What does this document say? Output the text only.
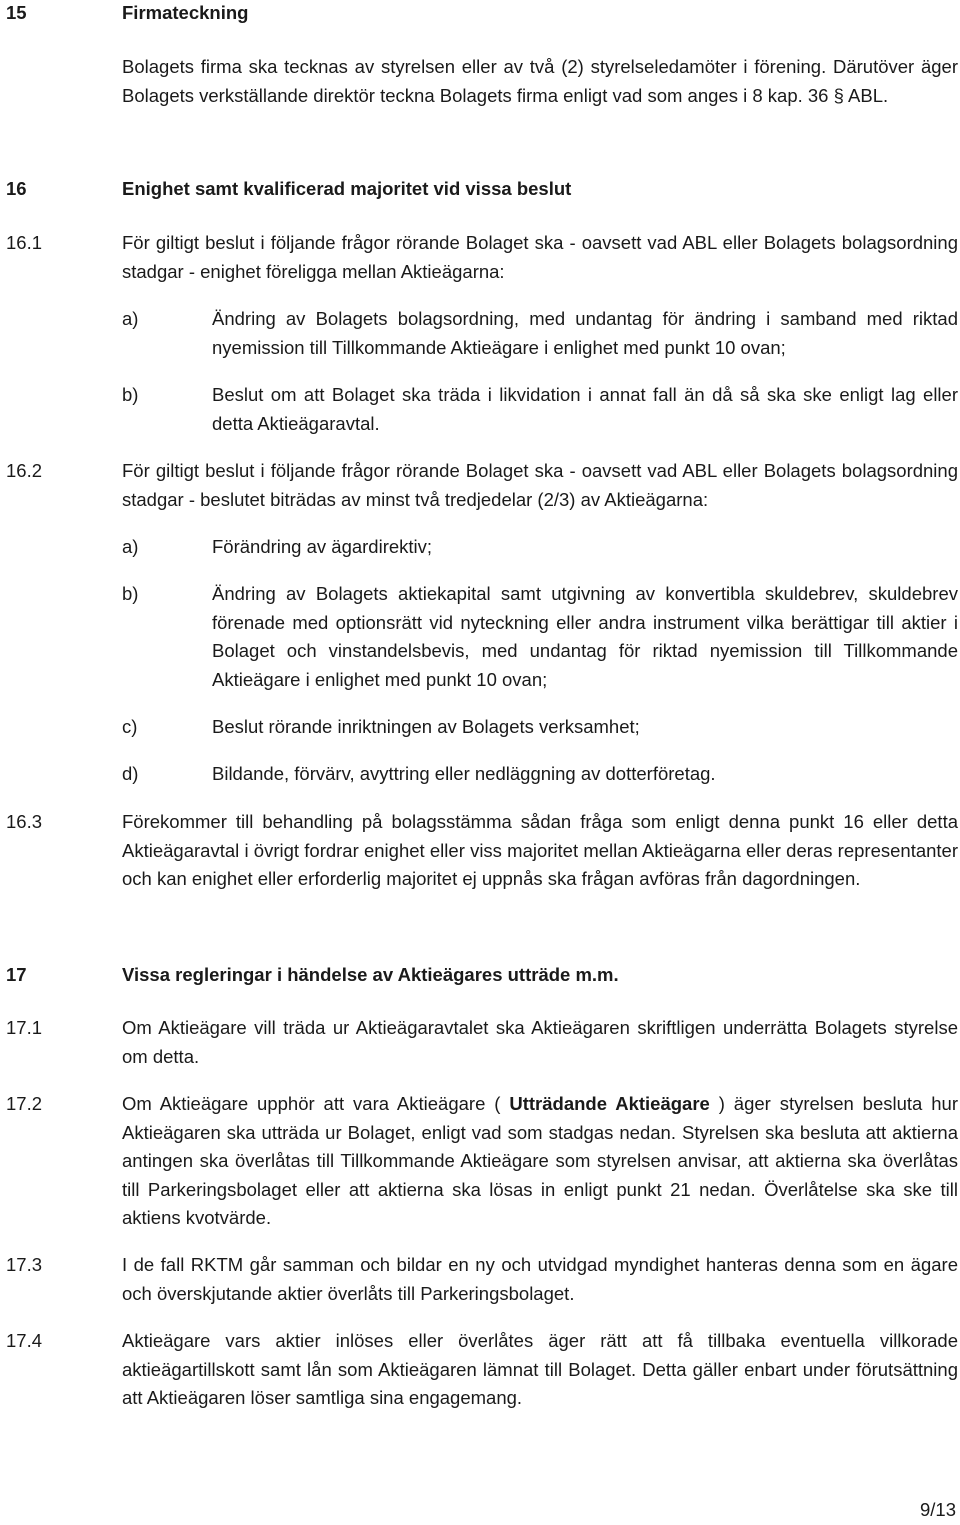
15	Firmateckning
Bolagets firma ska tecknas av styrelsen eller av två (2) styrelseledamöter i förening. Därutöver äger Bolagets verkställande direktör teckna Bolagets firma enligt vad som anges i 8 kap. 36 § ABL.
16	Enighet samt kvalificerad majoritet vid vissa beslut
16.1	För giltigt beslut i följande frågor rörande Bolaget ska - oavsett vad ABL eller Bolagets bolagsordning stadgar - enighet föreligga mellan Aktieägarna:
a)	Ändring av Bolagets bolagsordning, med undantag för ändring i samband med riktad nyemission till Tillkommande Aktieägare i enlighet med punkt 10 ovan;
b)	Beslut om att Bolaget ska träda i likvidation i annat fall än då så ska ske enligt lag eller detta Aktieägaravtal.
16.2	För giltigt beslut i följande frågor rörande Bolaget ska - oavsett vad ABL eller Bolagets bolagsordning stadgar - beslutet biträdas av minst två tredjedelar (2/3) av Aktieägarna:
a)	Förändring av ägardirektiv;
b)	Ändring av Bolagets aktiekapital samt utgivning av konvertibla skuldebrev, skuldebrev förenade med optionsrätt vid nyteckning eller andra instrument vilka berättigar till aktier i Bolaget och vinstandelsbevis, med undantag för riktad nyemission till Tillkommande Aktieägare i enlighet med punkt 10 ovan;
c)	Beslut rörande inriktningen av Bolagets verksamhet;
d)	Bildande, förvärv, avyttring eller nedläggning av dotterföretag.
16.3	Förekommer till behandling på bolagsstämma sådan fråga som enligt denna punkt 16 eller detta Aktieägaravtal i övrigt fordrar enighet eller viss majoritet mellan Aktieägarna eller deras representanter och kan enighet eller erforderlig majoritet ej uppnås ska frågan avföras från dagordningen.
17	Vissa regleringar i händelse av Aktieägares utträde m.m.
17.1	Om Aktieägare vill träda ur Aktieägaravtalet ska Aktieägaren skriftligen underrätta Bolagets styrelse om detta.
17.2	Om Aktieägare upphör att vara Aktieägare ( Utträdande Aktieägare ) äger styrelsen besluta hur Aktieägaren ska utträda ur Bolaget, enligt vad som stadgas nedan. Styrelsen ska besluta att aktierna antingen ska överlåtas till Tillkommande Aktieägare som styrelsen anvisar, att aktierna ska överlåtas till Parkeringsbolaget eller att aktierna ska lösas in enligt punkt 21 nedan. Överlåtelse ska ske till aktiens kvotvärde.
17.3	I de fall RKTM går samman och bildar en ny och utvidgad myndighet hanteras denna som en ägare och överskjutande aktier överlåts till Parkeringsbolaget.
17.4	Aktieägare vars aktier inlöses eller överlåtes äger rätt att få tillbaka eventuella villkorade aktieägartillskott samt lån som Aktieägaren lämnat till Bolaget. Detta gäller enbart under förutsättning att Aktieägaren löser samtliga sina engagemang.
9/13
